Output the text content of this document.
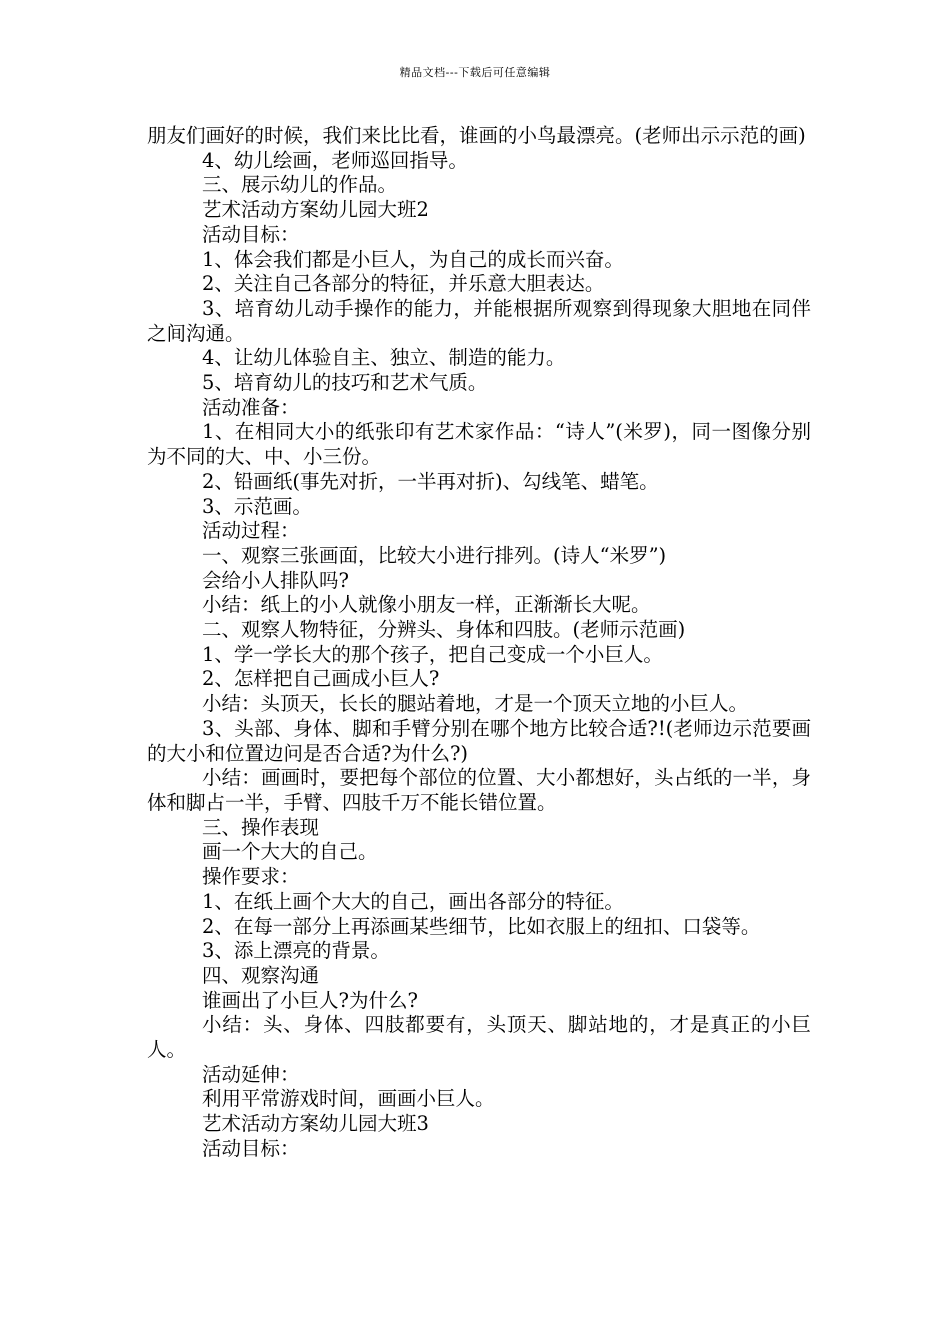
精品文档---下载后可任意编辑

朋友们画好的时候，我们来比比看，谁画的小鸟最漂亮。(老师出示示范的画)

4、幼儿绘画，老师巡回指导。

三、展示幼儿的作品。

艺术活动方案幼儿园大班2

活动目标：

1、体会我们都是小巨人，为自己的成长而兴奋。

2、关注自己各部分的特征，并乐意大胆表达。

3、培育幼儿动手操作的能力，并能根据所观察到得现象大胆地在同伴之间沟通。

4、让幼儿体验自主、独立、制造的能力。

5、培育幼儿的技巧和艺术气质。

活动准备：

1、在相同大小的纸张印有艺术家作品：“诗人”(米罗)，同一图像分别为不同的大、中、小三份。

2、铅画纸(事先对折，一半再对折)、勾线笔、蜡笔。

3、示范画。

活动过程：

一、观察三张画面，比较大小进行排列。(诗人“米罗”)

会给小人排队吗?

小结：纸上的小人就像小朋友一样，正渐渐长大呢。

二、观察人物特征，分辨头、身体和四肢。(老师示范画)

1、学一学长大的那个孩子，把自己变成一个小巨人。

2、怎样把自己画成小巨人?

小结：头顶天，长长的腿站着地，才是一个顶天立地的小巨人。

3、头部、身体、脚和手臂分别在哪个地方比较合适?!(老师边示范要画的大小和位置边问是否合适?为什么?)

小结：画画时，要把每个部位的位置、大小都想好，头占纸的一半，身体和脚占一半，手臂、四肢千万不能长错位置。

三、操作表现

画一个大大的自己。

操作要求：

1、在纸上画个大大的自己，画出各部分的特征。

2、在每一部分上再添画某些细节，比如衣服上的纽扣、口袋等。

3、添上漂亮的背景。

四、观察沟通

谁画出了小巨人?为什么?

小结：头、身体、四肢都要有，头顶天、脚站地的，才是真正的小巨人。

活动延伸：

利用平常游戏时间，画画小巨人。

艺术活动方案幼儿园大班3

活动目标：
